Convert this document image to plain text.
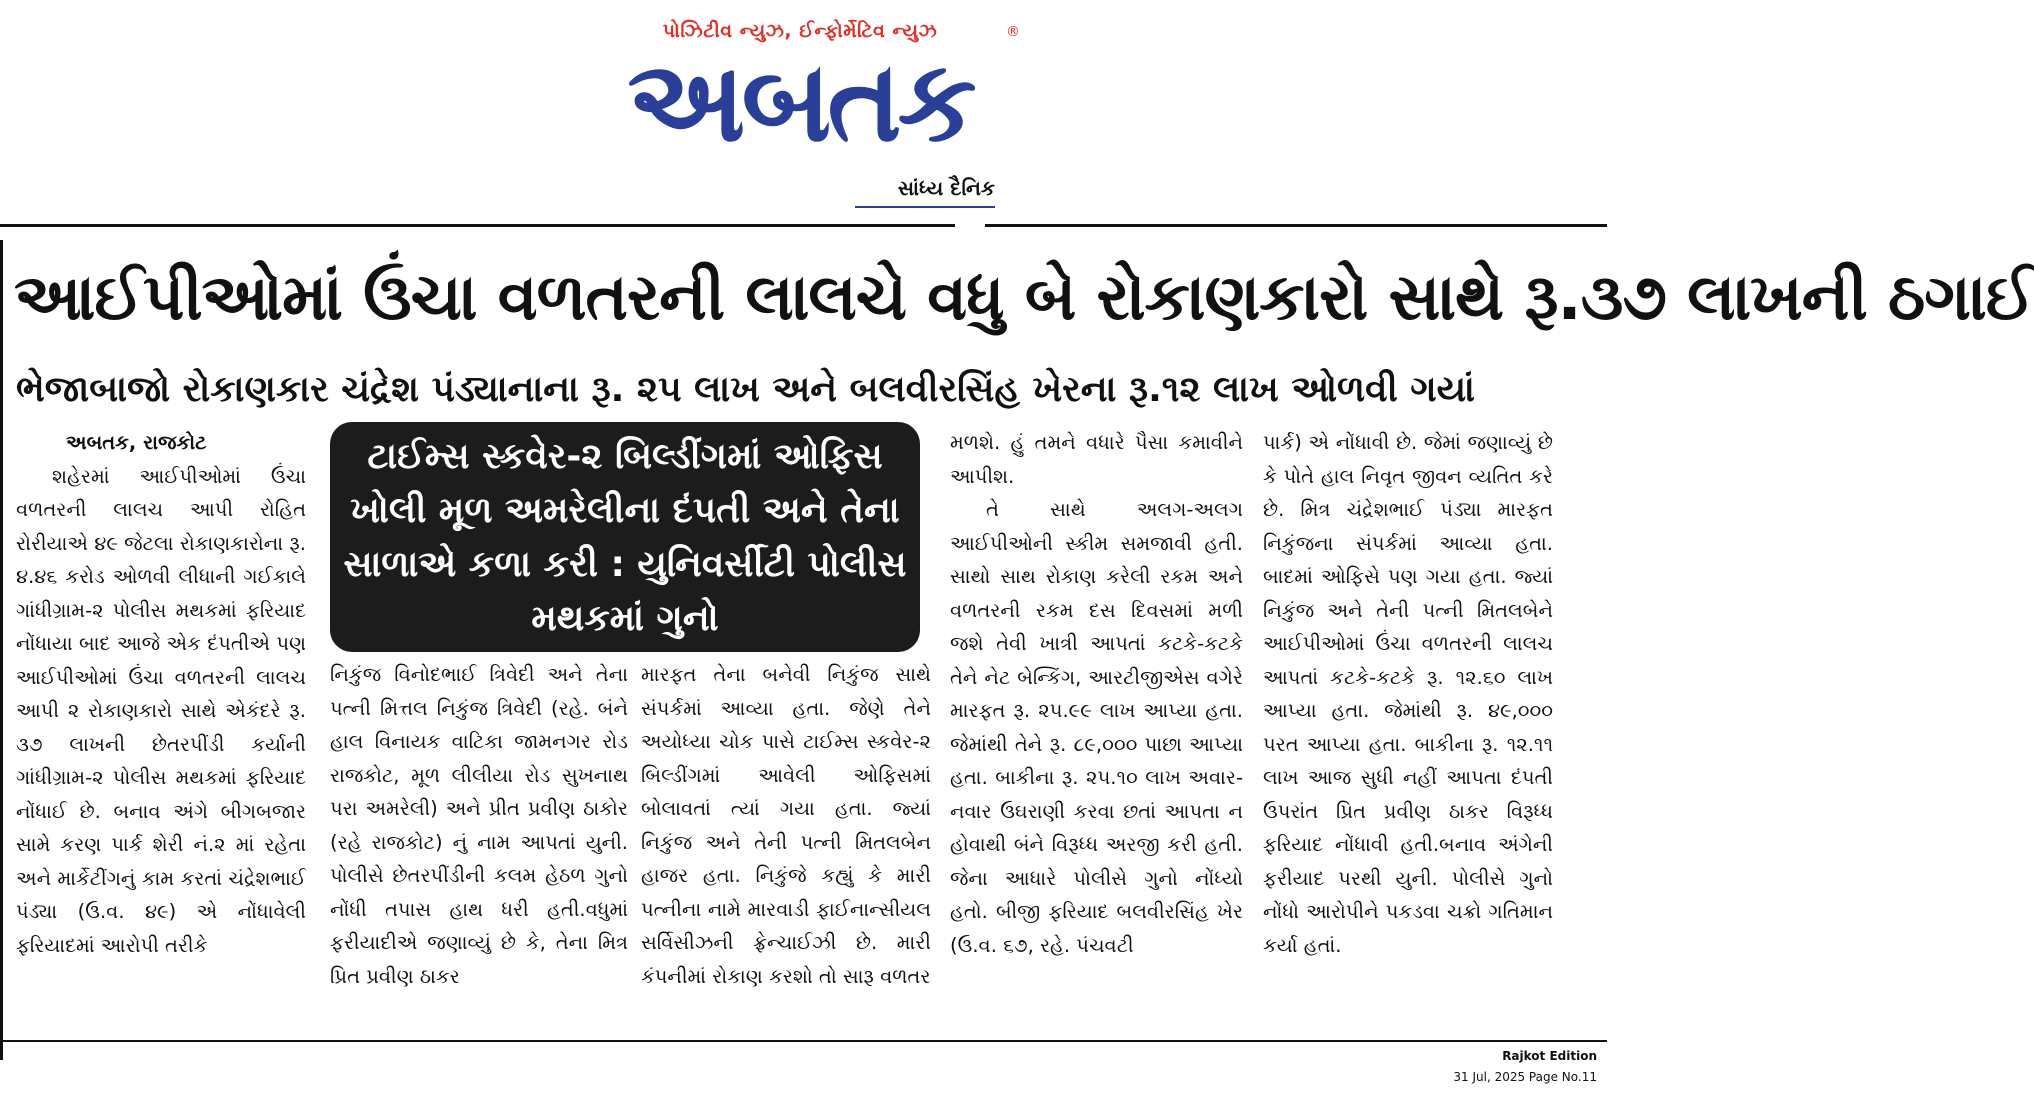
પોઝિટીવ ન્યુઝ, ઈન્ફોર્મેટિવ ન્યુઝ	®
અબતક
સાંધ્ય દૈનિક
આઈપીઓમાં ઉંચા વળતરની લાલચે વધુ બે રોકાણકારો સાથે રૂ.૩૭ લાખની ઠગાઈ
ભેજાબાજો રોકાણકાર ચંદ્રેશ પંડ્યાનાના રૂ. ૨૫ લાખ અને બલવીરસિંહ ખેરના રૂ.૧૨ લાખ ઓળવી ગયાં

અબતક, રાજકોટ

શહેરમાં આઈપીઓમાં ઉંચા વળતરની લાલચ આપી રોહિત રોરીયાએ ૪૯ જેટલા રોકાણકારોના રૂ. ૪.૪૬ કરોડ ઓળવી લીધાની ગઈકાલે ગાંધીગ્રામ-૨ પોલીસ મથકમાં ફરિયાદ નોંધાયા બાદ આજે એક દંપતીએ પણ આઈપીઓમાં ઉંચા વળતરની લાલચ આપી ૨ રોકાણકારો સાથે એકંદરે રૂ. ૩૭ લાખની છેતરપીંડી કર્યાની ગાંધીગ્રામ-૨ પોલીસ મથકમાં ફરિયાદ નોંધાઈ છે. બનાવ અંગે બીગબજાર સામે કરણ પાર્ક શેરી નં.૨ માં રહેતા અને માર્કેટીંગનું કામ કરતાં ચંદ્રેશભાઈ પંડ્યા (ઉ.વ. ૪૯) એ નોંધાવેલી ફરિયાદમાં આરોપી તરીકે

ટાઈમ્સ સ્કવેર-૨ બિલ્ડીંગમાં ઓફિસ ખોલી મૂળ અમરેલીના દંપતી અને તેના સાળાએ કળા કરી : યુનિવર્સીટી પોલીસ મથકમાં ગુનો

નિકુંજ વિનોદભાઈ ત્રિવેદી અને તેના પત્ની મિત્તલ નિકુંજ ત્રિવેદી (રહે. બંને હાલ વિનાયક વાટિકા જામનગર રોડ રાજકોટ, મૂળ લીલીયા રોડ સુખનાથ પરા અમરેલી) અને પ્રીત પ્રવીણ ઠાકોર (રહે રાજકોટ) નું નામ આપતાં યુની. પોલીસે છેતરપીંડીની કલમ હેઠળ ગુનો નોંધી તપાસ હાથ ધરી હતી.વધુમાં ફરીયાદીએ જણાવ્યું છે કે, તેના મિત્ર પ્રિત પ્રવીણ ઠાકર

મારફત તેના બનેવી નિકુંજ સાથે સંપર્કમાં આવ્યા હતા. જેણે તેને અયોધ્યા ચોક પાસે ટાઈમ્સ સ્કવેર-૨ બિલ્ડીંગમાં આવેલી ઓફિસમાં બોલાવતાં ત્યાં ગયા હતા. જ્યાં નિકુંજ અને તેની પત્ની મિતલબેન હાજર હતા. નિકુંજે કહ્યું કે મારી પત્નીના નામે મારવાડી ફાઈનાન્સીયલ સર્વિસીઝની ફ્રેન્ચાઈઝી છે. મારી કંપનીમાં રોકાણ કરશો તો સારૂ વળતર

મળશે. હું તમને વધારે પૈસા કમાવીને આપીશ.

તે સાથે અલગ-અલગ આઈપીઓની સ્કીમ સમજાવી હતી. સાથો સાથ રોકાણ કરેલી રકમ અને વળતરની રકમ દસ દિવસમાં મળી જશે તેવી ખાત્રી આપતાં કટકે-કટકે તેને નેટ બેન્કિંગ, આરટીજીએસ વગેરે મારફત રૂ. ૨૫.૯૯ લાખ આપ્યા હતા. જેમાંથી તેને રૂ. ૮૯,૦૦૦ પાછા આપ્યા હતા. બાકીના રૂ. ૨૫.૧૦ લાખ અવાર-નવાર ઉઘરાણી કરવા છતાં આપતા ન હોવાથી બંને વિરૂધ્ધ અરજી કરી હતી. જેના આધારે પોલીસે ગુનો નોંધ્યો હતો. બીજી ફરિયાદ બલવીરસિંહ ખેર (ઉ.વ. ૬૭, રહે. પંચવટી

પાર્ક) એ નોંધાવી છે. જેમાં જણાવ્યું છે કે પોતે હાલ નિવૃત જીવન વ્યતિત કરે છે. મિત્ર ચંદ્રેશભાઈ પંડ્યા મારફત નિકુંજના સંપર્કમાં આવ્યા હતા. બાદમાં ઓફિસે પણ ગયા હતા. જ્યાં નિકુંજ અને તેની પત્ની મિતલબેને આઈપીઓમાં ઉંચા વળતરની લાલચ આપતાં કટકે-કટકે રૂ. ૧૨.૬૦ લાખ આપ્યા હતા. જેમાંથી રૂ. ૪૯,૦૦૦ પરત આપ્યા હતા. બાકીના રૂ. ૧૨.૧૧ લાખ આજ સુધી નહીં આપતા દંપતી ઉપરાંત પ્રિત પ્રવીણ ઠાકર વિરૂધ્ધ ફરિયાદ નોંધાવી હતી.બનાવ અંગેની ફરીયાદ પરથી યુની. પોલીસે ગુનો નોંધો આરોપીને પકડવા ચક્રો ગતિમાન કર્યા હતાં.

Rajkot Edition
31 Jul, 2025 Page No.11
